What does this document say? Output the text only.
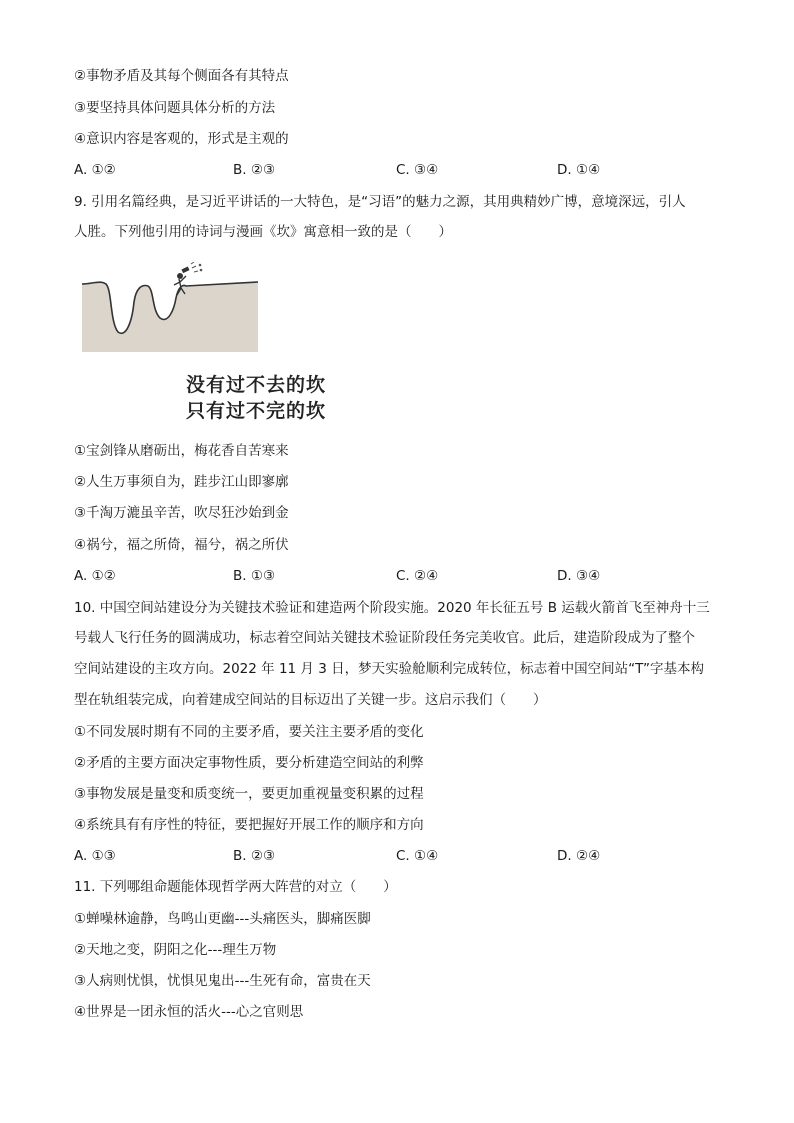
②事物矛盾及其每个侧面各有其特点
③要坚持具体问题具体分析的方法
④意识内容是客观的，形式是主观的
A. ①②	B. ②③	C. ③④	D. ①④
9. 引用名篇经典，是习近平讲话的一大特色，是“习语”的魅力之源，其用典精妙广博，意境深远，引人
人胜。下列他引用的诗词与漫画《坎》寓意相一致的是（　　）
没有过不去的坎
只有过不完的坎
①宝剑锋从磨砺出，梅花香自苦寒来
②人生万事须自为，跬步江山即寥廓
③千淘万漉虽辛苦，吹尽狂沙始到金
④祸兮，福之所倚，福兮，祸之所伏
A. ①②	B. ①③	C. ②④	D. ③④
10. 中国空间站建设分为关键技术验证和建造两个阶段实施。2020 年长征五号 B 运载火箭首飞至神舟十三
号载人飞行任务的圆满成功，标志着空间站关键技术验证阶段任务完美收官。此后，建造阶段成为了整个
空间站建设的主攻方向。2022 年 11 月 3 日，梦天实验舱顺利完成转位，标志着中国空间站“T”字基本构
型在轨组装完成，向着建成空间站的目标迈出了关键一步。这启示我们（　　）
①不同发展时期有不同的主要矛盾，要关注主要矛盾的变化
②矛盾的主要方面决定事物性质，要分析建造空间站的利弊
③事物发展是量变和质变统一，要更加重视量变积累的过程
④系统具有有序性的特征，要把握好开展工作的顺序和方向
A. ①③	B. ②③	C. ①④	D. ②④
11. 下列哪组命题能体现哲学两大阵营的对立（　　）
①蝉噪林逾静，鸟鸣山更幽---头痛医头，脚痛医脚
②天地之变，阴阳之化---理生万物
③人病则忧惧，忧惧见鬼出---生死有命，富贵在天
④世界是一团永恒的活火---心之官则思
